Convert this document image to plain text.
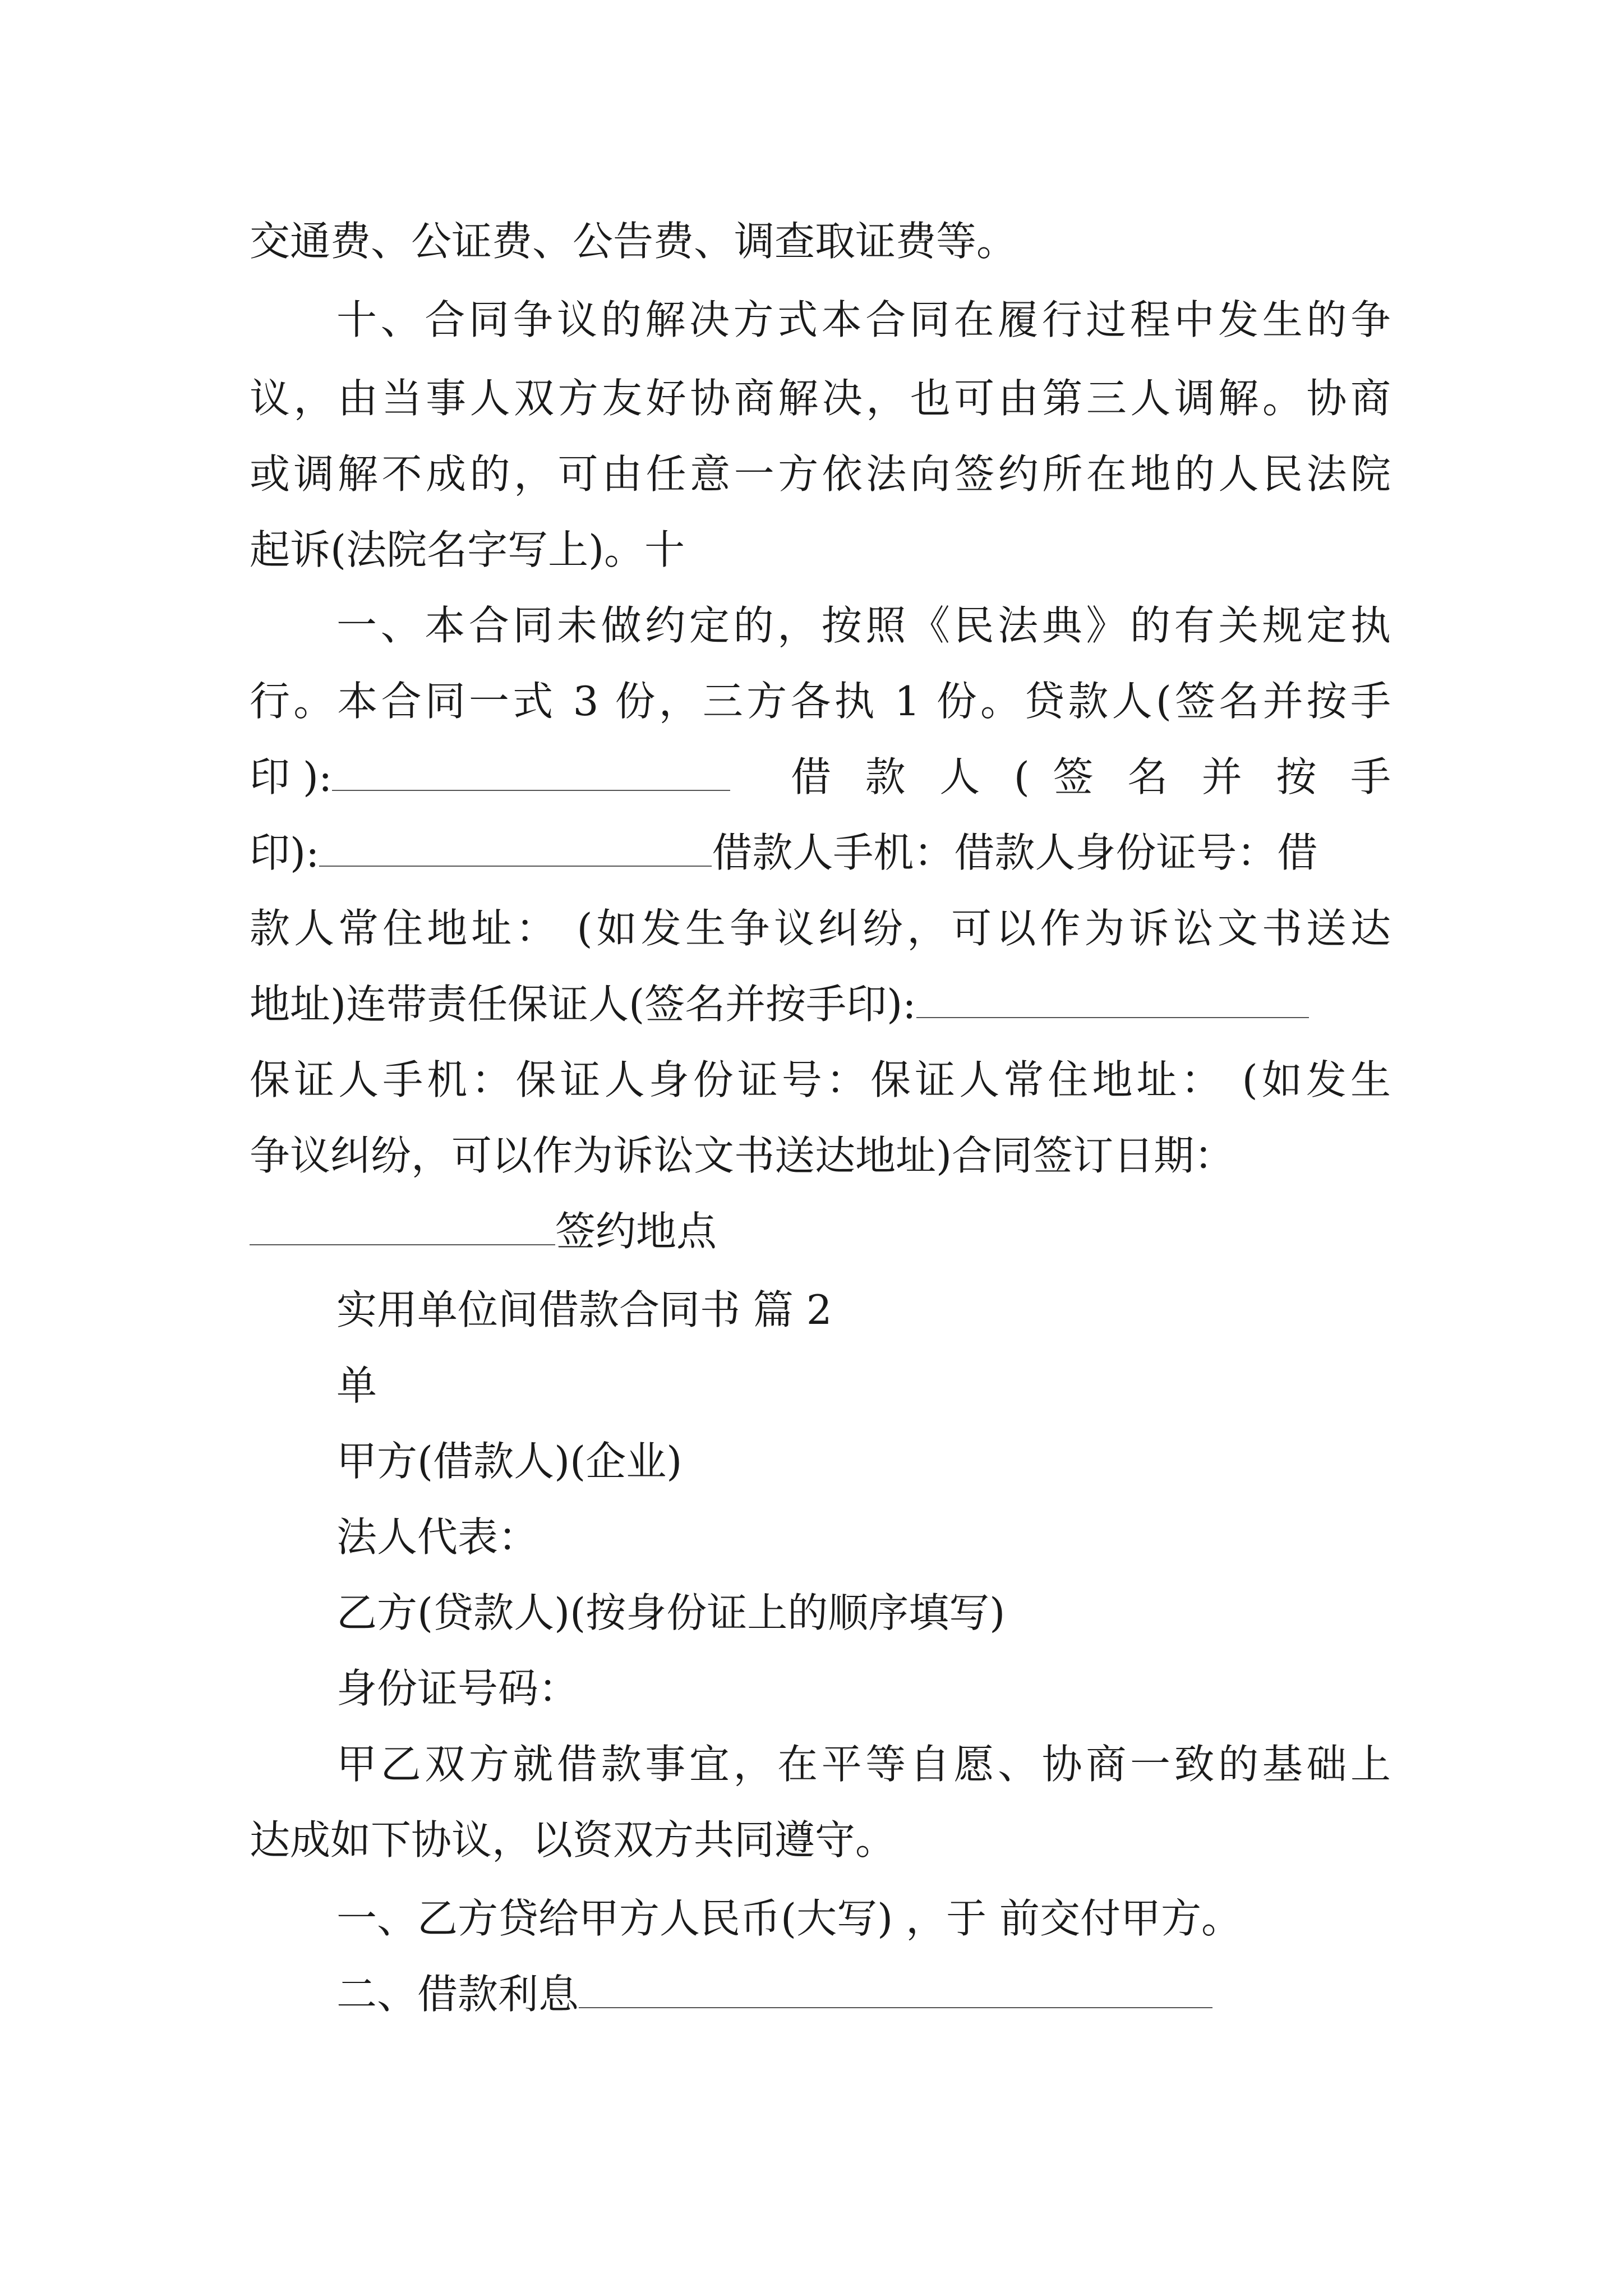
交通费、公证费、公告费、调查取证费等。
十、合同争议的解决方式本合同在履行过程中发生的争
议，由当事人双方友好协商解决，也可由第三人调解。协商
或调解不成的，可由任意一方依法向签约所在地的人民法院
起诉(法院名字写上)。十
一、本合同未做约定的，按照《民法典》的有关规定执
行。本合同一式 3 份，三方各执 1 份。贷款人(签名并按手
印 ):	借 款 人 ( 签 名 并 按 手
印):	借款人手机：借款人身份证号：借
款人常住地址： (如发生争议纠纷，可以作为诉讼文书送达
地址)连带责任保证人(签名并按手印):
保证人手机：保证人身份证号：保证人常住地址： (如发生
争议纠纷，可以作为诉讼文书送达地址)合同签订日期：
签约地点
实用单位间借款合同书 篇 2
单
甲方(借款人)(企业)
法人代表：
乙方(贷款人)(按身份证上的顺序填写)
身份证号码：
甲乙双方就借款事宜，在平等自愿、协商一致的基础上
达成如下协议，以资双方共同遵守。
一、乙方贷给甲方人民币(大写) ，于 前交付甲方。
二、借款利息
